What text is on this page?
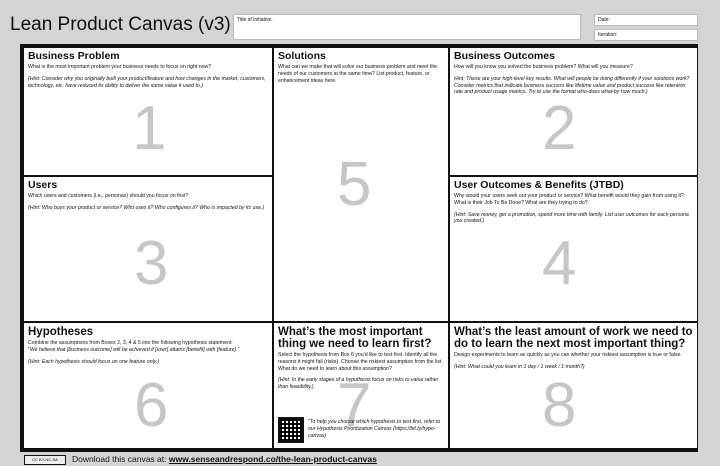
Lean Product Canvas (v3)	Title of initiative:	Date:
Iteration:
Business Problem

What is the most important problem your business needs to focus on right now?

(Hint: Consider why you originally built your product/feature and how changes in the market, customers, technology, etc. have reduced its ability to deliver the same value it used to.)

1
Solutions

What can we make that will solve our business problem and meet the needs of our customers at the same time? List product, feature, or enhancement ideas here.

5
Business Outcomes

How will you know you solved the business problem? What will you measure?

Hint: These are your high-level key results. What will people be doing differently if your solutions work? Consider metrics that indicate business success like lifetime value and product success like retention rate and product usage metrics. Try to use the format who-does what-by how much.)

2
Users

Which users and customers (i.e., personas) should you focus on first?

(Hint: Who buys your product or service? Who uses it? Who configures it? Who is impacted by its use.)

3
User Outcomes & Benefits (JTBD)

Why would your users seek out your product or service? What benefit would they gain from using it? What is their Job To Be Done? What are they trying to do?

(Hint: Save money, get a promotion, spend more time with family. List user outcomes for each persona you created.)

4
Hypotheses

Combine the assumptions from Boxes 2, 3, 4 & 5 into the following hypothesis statement:

"We believe that [business outcome] will be achieved if [user] attains [benefit] with [feature]."

(Hint: Each hypothesis should focus on one feature only.)

6
What’s the most important thing we need to learn first?

Select the hypothesis from Box 6 you’d like to test first. Identify all the reasons it might fail (risks). Choose the riskiest assumption from the list. What do we need to learn about this assumption?

(Hint: In the early stages of a hypothesis focus on risks to value rather than feasibility.) 7
"To help you choose which hypothesis to test first, refer to our Hypothesis Prioritization Canvas (https://bit.ly/hypo-canvas)
What’s the least amount of work we need to do to learn the next most important thing?

Design experiments to learn as quickly as you can whether your riskiest assumption is true or false.

(Hint: What could you learn in 1 day / 1 week / 1 month?)

8
CC BY-NC-SA Download this canvas at: www.senseandrespond.co/the-lean-product-canvas
